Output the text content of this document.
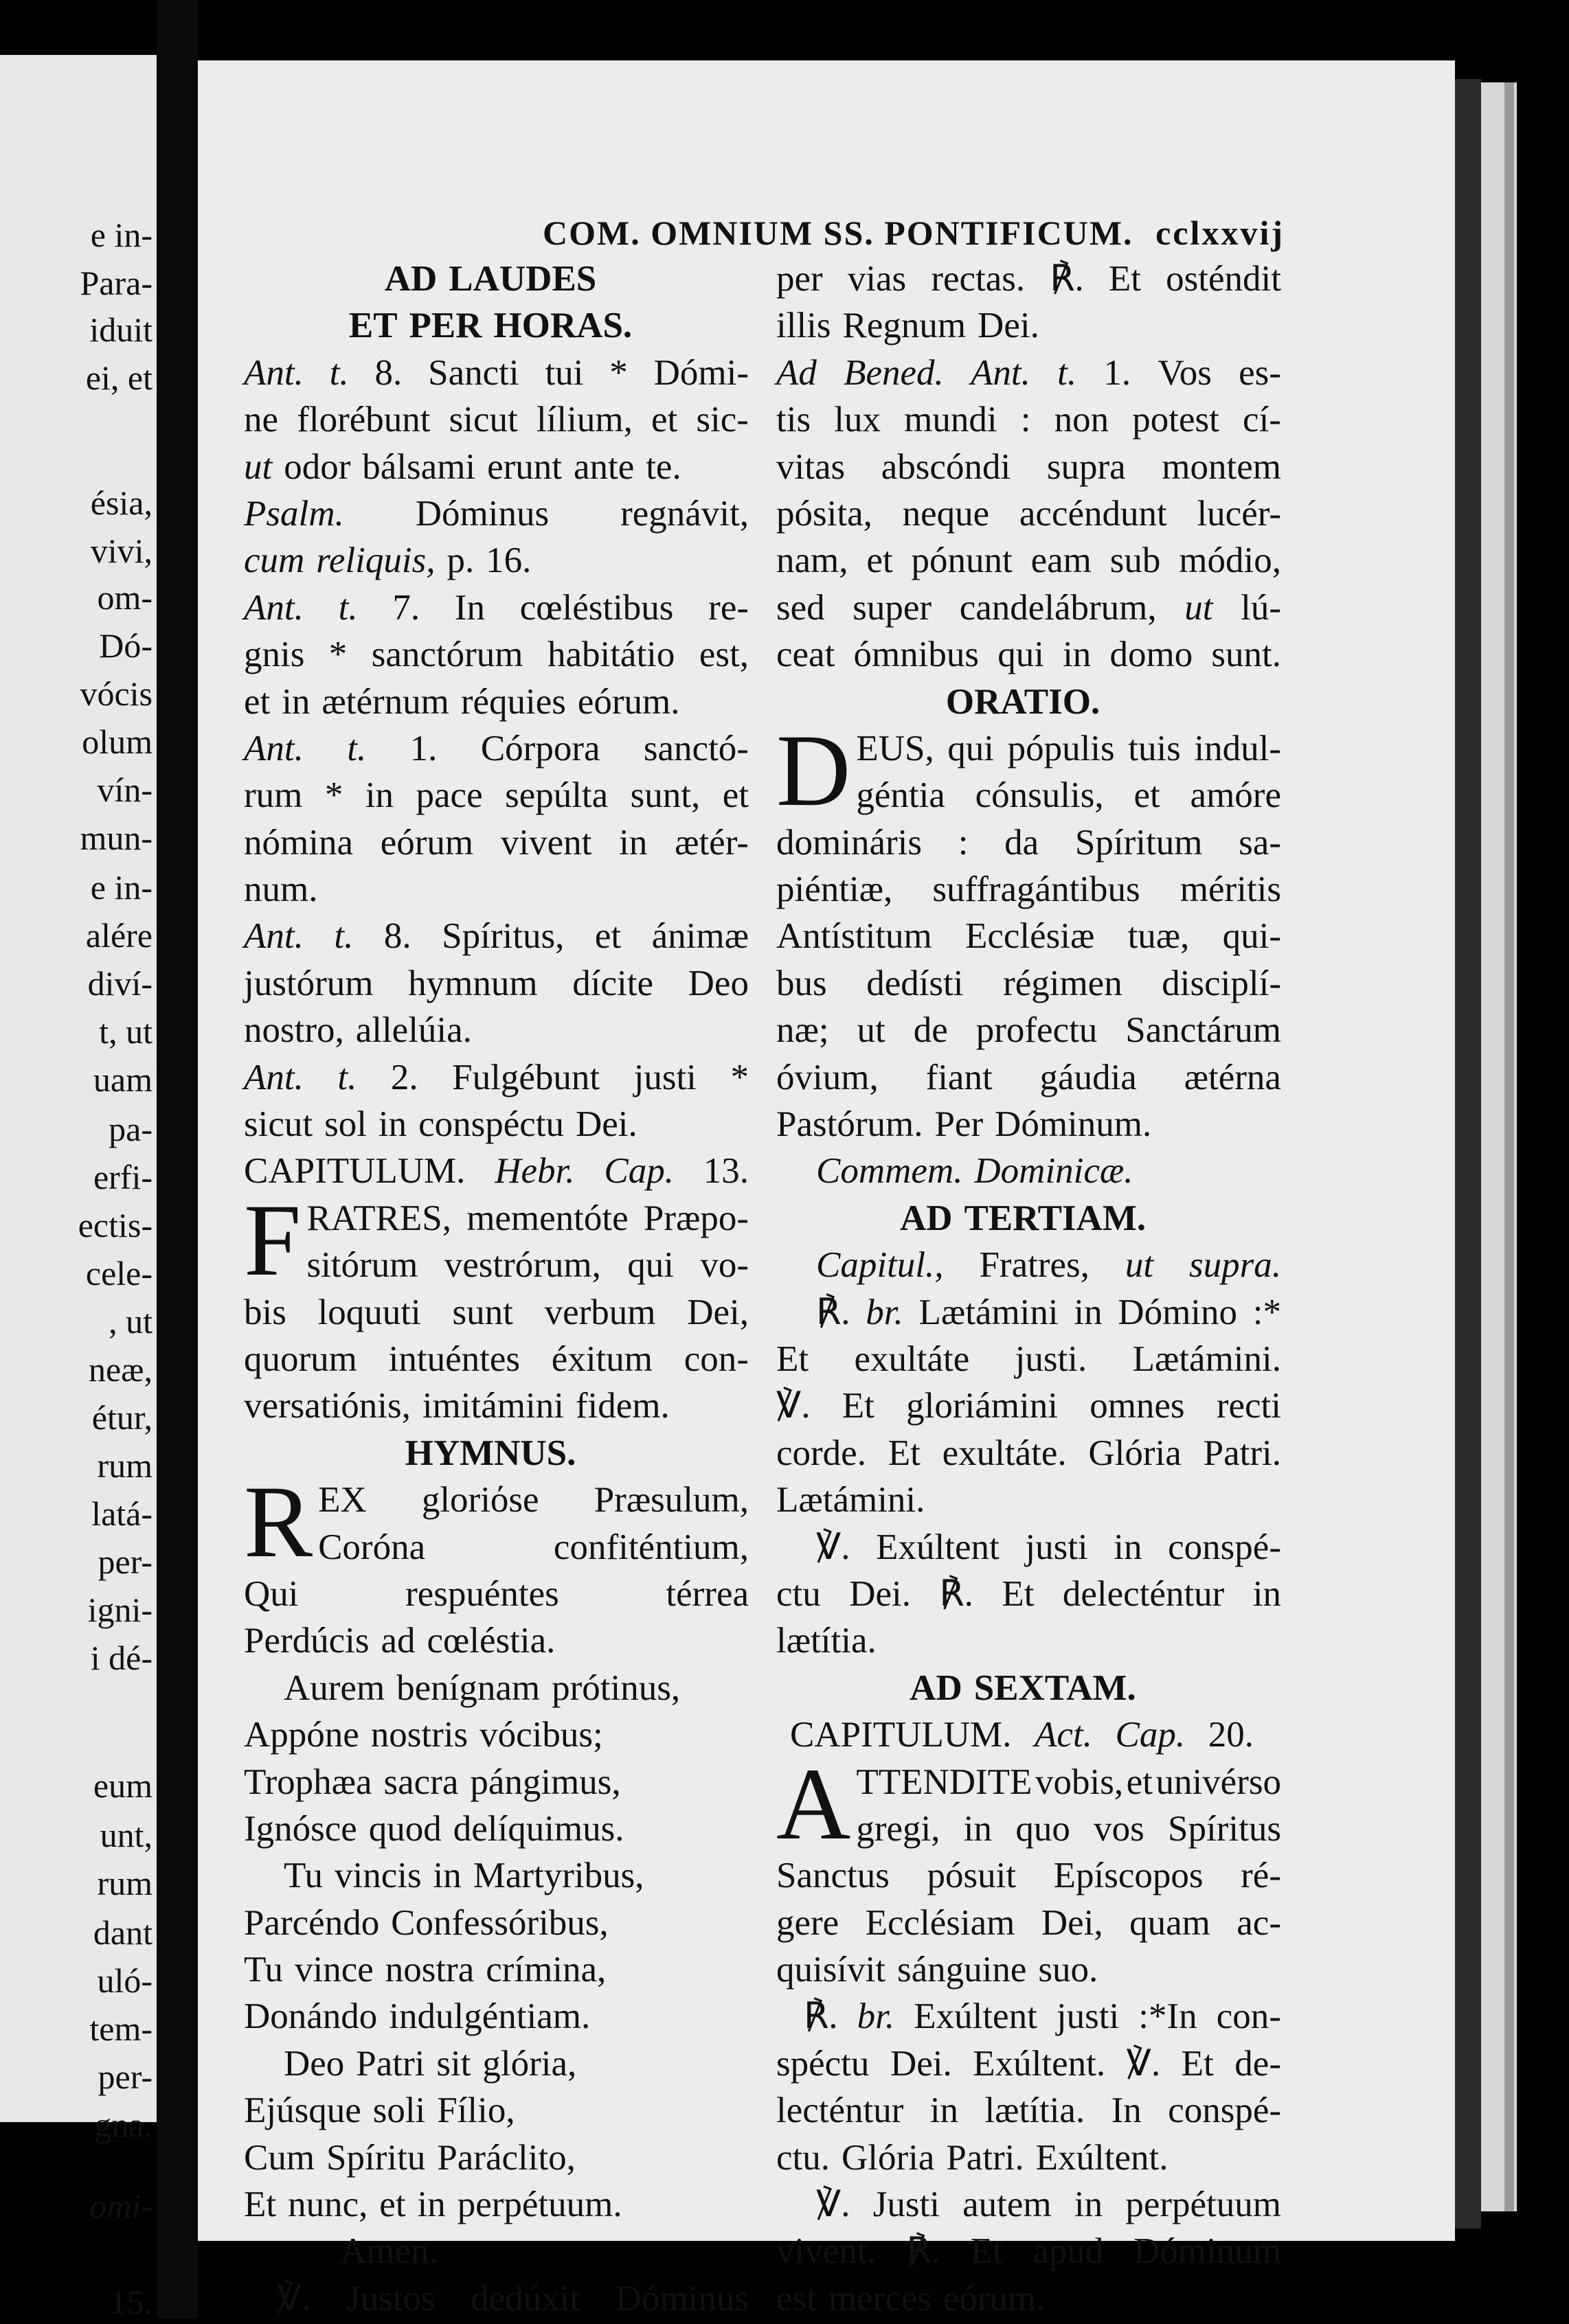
e in-
Para-
iduit
ei, et
ésia,
vivi,
om-
Dó-
vócis
olum
vín-
mun-
e in-
alére
diví-
t, ut
uam
pa-
erfi-
ectis-
cele-
, ut
neæ,
étur,
rum
latá-
per-
igni-
i dé-
eum
unt,
rum
dant
uló-
tem-
per-
gna.
omi-
15.
COM. OMNIUM SS. PONTIFICUM. cclxxvij
AD LAUDES
ET PER HORAS.
Ant. t. 8. Sancti tui * Dómi-
ne florébunt sicut lílium, et sic-
ut odor bálsami erunt ante te.
Psalm. Dóminus regnávit,
cum reliquis, p. 16.
Ant. t. 7. In cœléstibus re-
gnis * sanctórum habitátio est,
et in ætérnum réquies eórum.
Ant. t. 1. Córpora sanctó-
rum * in pace sepúlta sunt, et
nómina eórum vivent in ætér-
num.
Ant. t. 8. Spíritus, et ánimæ
justórum hymnum dícite Deo
nostro, allelúia.
Ant. t. 2. Fulgébunt justi *
sicut sol in conspéctu Dei.
CAPITULUM. Hebr. Cap. 13.
F RATRES, mementóte Præpo-
sitórum vestrórum, qui vo-
bis loquuti sunt verbum Dei,
quorum intuéntes éxitum con-
versatiónis, imitámini fidem.
HYMNUS.
R EX gloriόse Præsulum,
Coróna	confiténtium,
Qui	respuéntes	térrea
Perdúcis ad cœléstia.
Aurem benígnam prótinus,
Appóne nostris vócibus;
Trophæa sacra pángimus,
Ignósce quod delíquimus.
Tu vincis in Martyribus,
Parcéndo Confessóribus,
Tu vince nostra crímina,
Donándo indulgéntiam.
Deo Patri sit glória,
Ejúsque soli Fílio,
Cum Spíritu Paráclito,
Et nunc, et in perpétuum.
Amen.
℣. Justos dedúxit Dóminus
per vias rectas. ℟. Et osténdit
illis Regnum Dei.
Ad Bened. Ant. t. 1. Vos es-
tis lux mundi : non potest cí-
vitas abscóndi supra montem
pósita, neque accéndunt lucér-
nam, et pónunt eam sub módio,
sed super candelábrum, ut lú-
ceat ómnibus qui in domo sunt.
ORATIO.
D EUS, qui pópulis tuis indul-
géntia cónsulis, et amóre
domináris : da Spíritum sa-
piéntiæ, suffragántibus méritis
Antístitum Ecclésiæ tuæ, qui-
bus dedísti régimen disciplí-
næ; ut de profectu Sanctárum
óvium, fiant gáudia ætérna
Pastórum. Per Dóminum.
Commem. Dominicæ.
AD TERTIAM.
Capitul., Fratres, ut supra.
℟. br. Lætámini in Dómino :*
Et exultáte justi. Lætámini.
℣. Et gloriámini omnes recti
corde. Et exultáte. Glória Patri.
Lætámini.
℣. Exúltent justi in conspé-
ctu Dei. ℟. Et delecténtur in
lætítia.
AD SEXTAM.
CAPITULUM. Act. Cap. 20.
A TTENDITE vobis, et univérso
gregi, in quo vos Spíritus
Sanctus pósuit Epíscopos ré-
gere Ecclésiam Dei, quam ac-
quisívit sánguine suo.
℟. br. Exúltent justi :*In con-
spéctu Dei. Exúltent. ℣. Et de-
lecténtur in lætítia. In conspé-
ctu. Glória Patri. Exúltent.
℣. Justi autem in perpétuum
vivent. ℟. Et apud Dóminum
est merces eórum.
